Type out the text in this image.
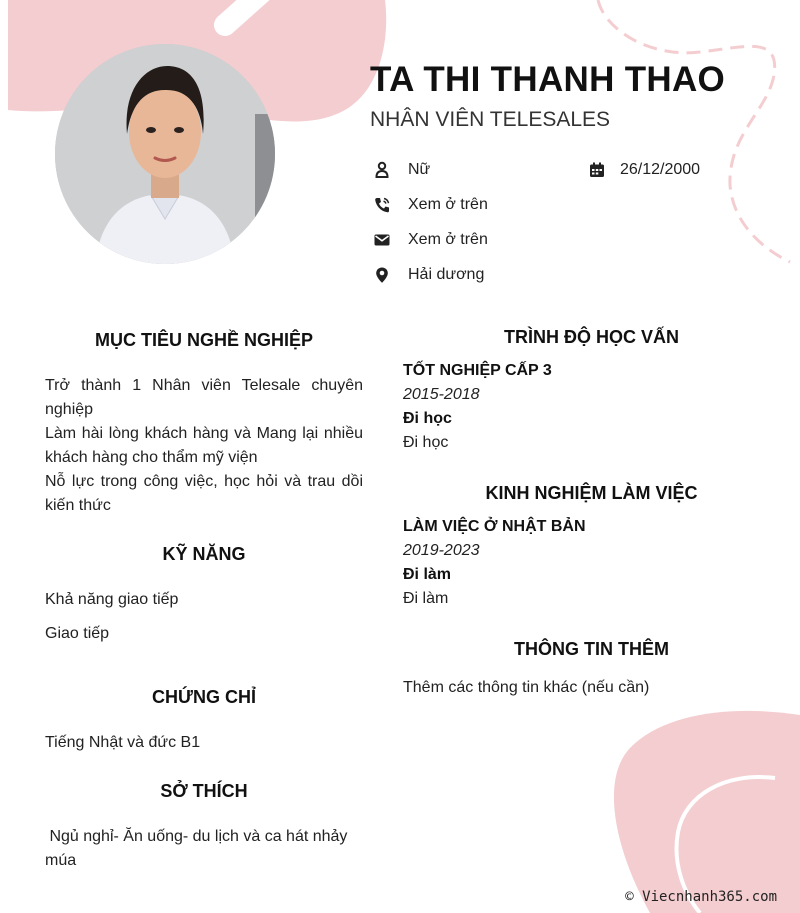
TA THI THANH THAO
NHÂN VIÊN TELESALES
Nữ	26/12/2000
Xem ở trên
Xem ở trên
Hải dương
MỤC TIÊU NGHỀ NGHIỆP

Trở thành 1 Nhân viên Telesale chuyên nghiệp

Làm hài lòng khách hàng và Mang lại nhiều khách hàng cho thẩm mỹ viện

Nỗ lực trong công việc, học hỏi và trau dồi kiến thức

KỸ NĂNG
Khả năng giao tiếp
Giao tiếp
CHỨNG CHỈ
Tiếng Nhật và đức B1
SỞ THÍCH
Ngủ nghỉ- Ăn uống- du lịch và ca hát nhảy múa
TRÌNH ĐỘ HỌC VẤN
TỐT NGHIỆP CẤP 3
2015-2018
Đi học
Đi học
KINH NGHIỆM LÀM VIỆC
LÀM VIỆC Ở NHẬT BẢN
2019-2023
Đi làm
Đi làm
THÔNG TIN THÊM
Thêm các thông tin khác (nếu cần)
© Viecnhanh365.com
